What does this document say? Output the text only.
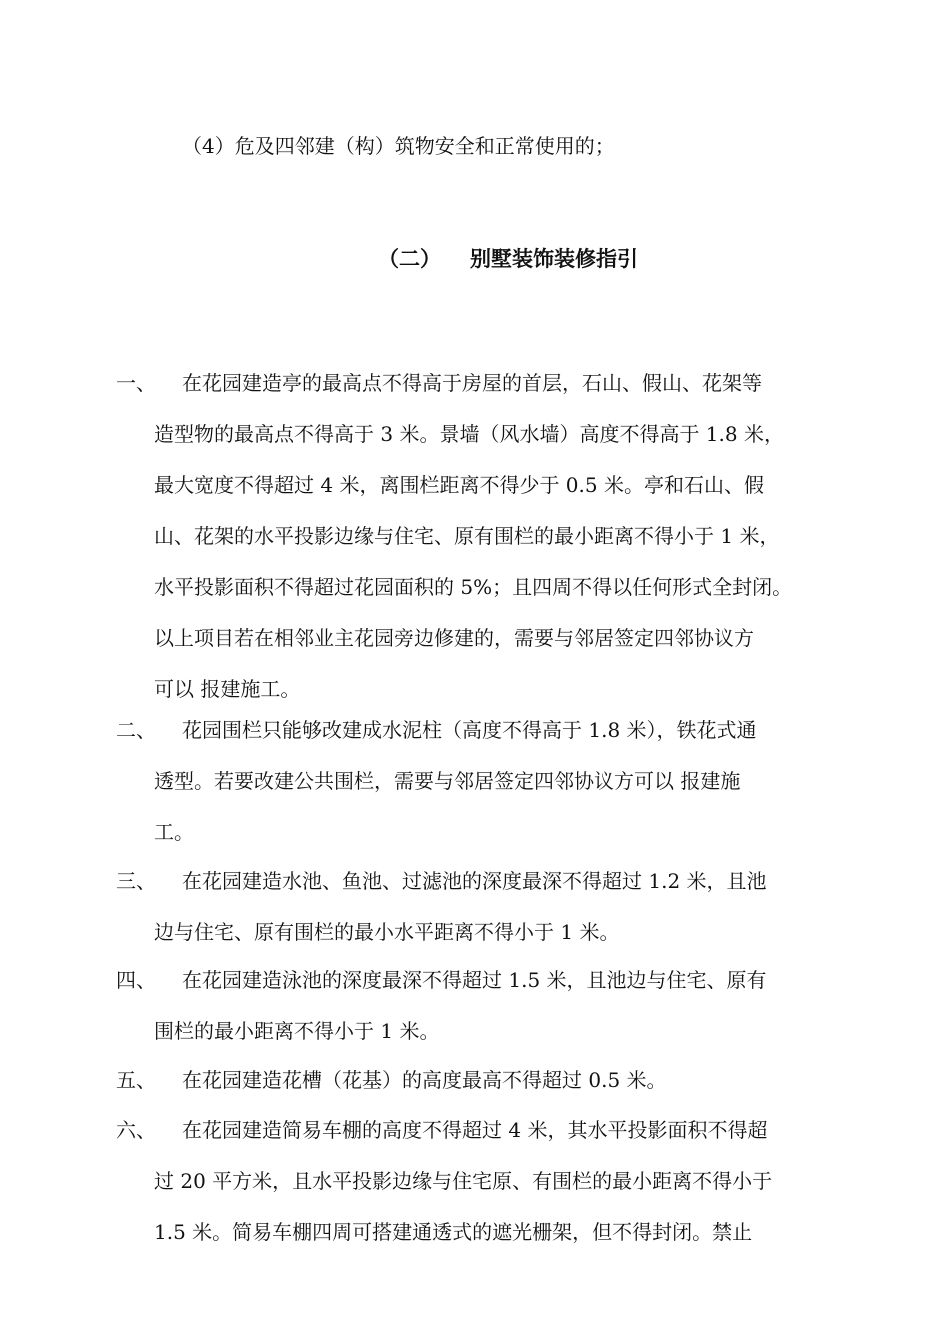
（4）危及四邻建（构）筑物安全和正常使用的；
（二） 别墅装饰装修指引
一、 在花园建造亭的最高点不得高于房屋的首层，石山、假山、花架等
造型物的最高点不得高于 3 米。景墙（风水墙）高度不得高于 1.8 米，
最大宽度不得超过 4 米，离围栏距离不得少于 0.5 米。亭和石山、假
山、花架的水平投影边缘与住宅、原有围栏的最小距离不得小于 1 米，
水平投影面积不得超过花园面积的 5%；且四周不得以任何形式全封闭。
以上项目若在相邻业主花园旁边修建的，需要与邻居签定四邻协议方
可以 报建施工。
二、 花园围栏只能够改建成水泥柱（高度不得高于 1.8 米），铁花式通
透型。若要改建公共围栏，需要与邻居签定四邻协议方可以 报建施
工。
三、 在花园建造水池、鱼池、过滤池的深度最深不得超过 1.2 米，且池
边与住宅、原有围栏的最小水平距离不得小于 1 米。
四、 在花园建造泳池的深度最深不得超过 1.5 米，且池边与住宅、原有
围栏的最小距离不得小于 1 米。
五、 在花园建造花槽（花基）的高度最高不得超过 0.5 米。
六、 在花园建造简易车棚的高度不得超过 4 米，其水平投影面积不得超
过 20 平方米，且水平投影边缘与住宅原、有围栏的最小距离不得小于
1.5 米。简易车棚四周可搭建通透式的遮光栅架，但不得封闭。禁止
